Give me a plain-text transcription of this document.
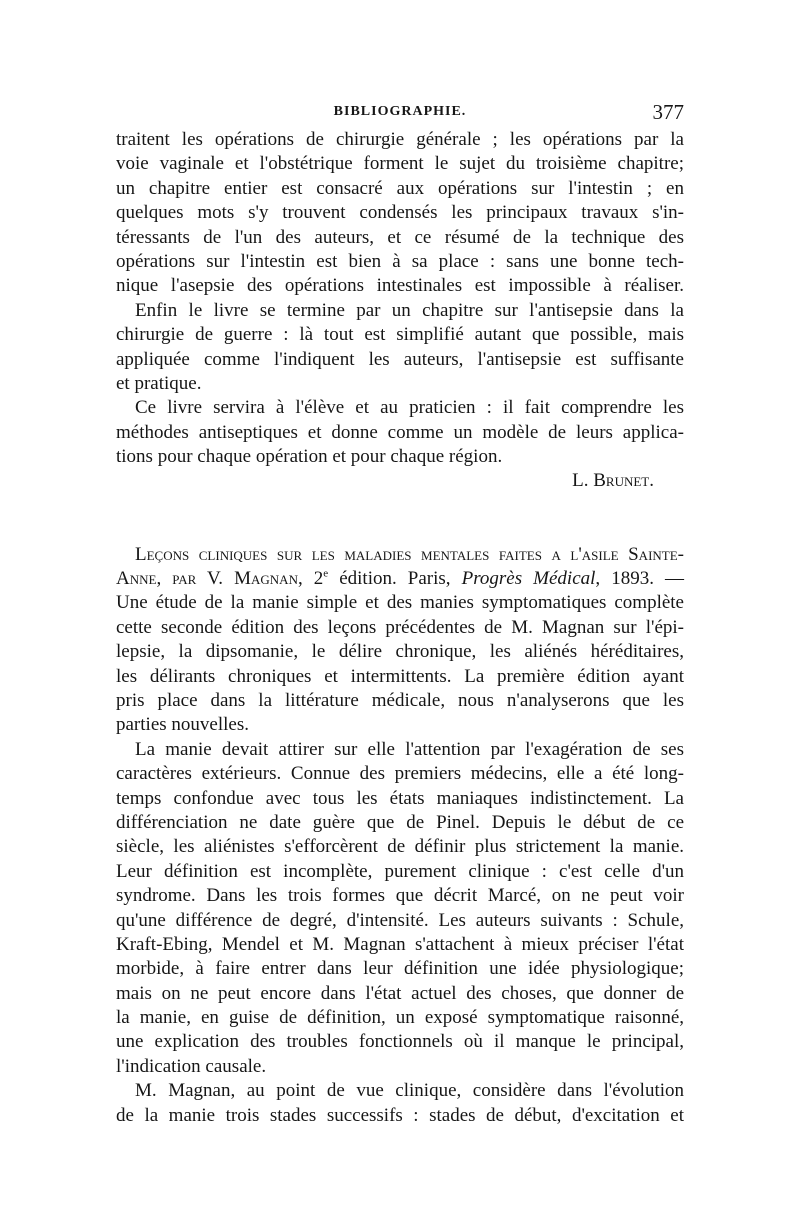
BIBLIOGRAPHIE.	377
traitent les opérations de chirurgie générale ; les opérations par la
voie vaginale et l'obstétrique forment le sujet du troisième chapitre;
un chapitre entier est consacré aux opérations sur l'intestin ; en
quelques mots s'y trouvent condensés les principaux travaux s'in-
téressants de l'un des auteurs, et ce résumé de la technique des
opérations sur l'intestin est bien à sa place : sans une bonne tech-
nique l'asepsie des opérations intestinales est impossible à réaliser.
Enfin le livre se termine par un chapitre sur l'antisepsie dans la
chirurgie de guerre : là tout est simplifié autant que possible, mais
appliquée comme l'indiquent les auteurs, l'antisepsie est suffisante
et pratique.
Ce livre servira à l'élève et au praticien : il fait comprendre les
méthodes antiseptiques et donne comme un modèle de leurs applica-
tions pour chaque opération et pour chaque région.
L. Brunet.
Leçons cliniques sur les maladies mentales faites a l'asile Sainte-
Anne, par V. Magnan, 2e édition. Paris, Progrès Médical, 1893. —
Une étude de la manie simple et des manies symptomatiques complète
cette seconde édition des leçons précédentes de M. Magnan sur l'épi-
lepsie, la dipsomanie, le délire chronique, les aliénés héréditaires,
les délirants chroniques et intermittents. La première édition ayant
pris place dans la littérature médicale, nous n'analyserons que les
parties nouvelles.
La manie devait attirer sur elle l'attention par l'exagération de ses
caractères extérieurs. Connue des premiers médecins, elle a été long-
temps confondue avec tous les états maniaques indistinctement. La
différenciation ne date guère que de Pinel. Depuis le début de ce
siècle, les aliénistes s'efforcèrent de définir plus strictement la manie.
Leur définition est incomplète, purement clinique : c'est celle d'un
syndrome. Dans les trois formes que décrit Marcé, on ne peut voir
qu'une différence de degré, d'intensité. Les auteurs suivants : Schule,
Kraft-Ebing, Mendel et M. Magnan s'attachent à mieux préciser l'état
morbide, à faire entrer dans leur définition une idée physiologique;
mais on ne peut encore dans l'état actuel des choses, que donner de
la manie, en guise de définition, un exposé symptomatique raisonné,
une explication des troubles fonctionnels où il manque le principal,
l'indication causale.
M. Magnan, au point de vue clinique, considère dans l'évolution
de la manie trois stades successifs : stades de début, d'excitation et
